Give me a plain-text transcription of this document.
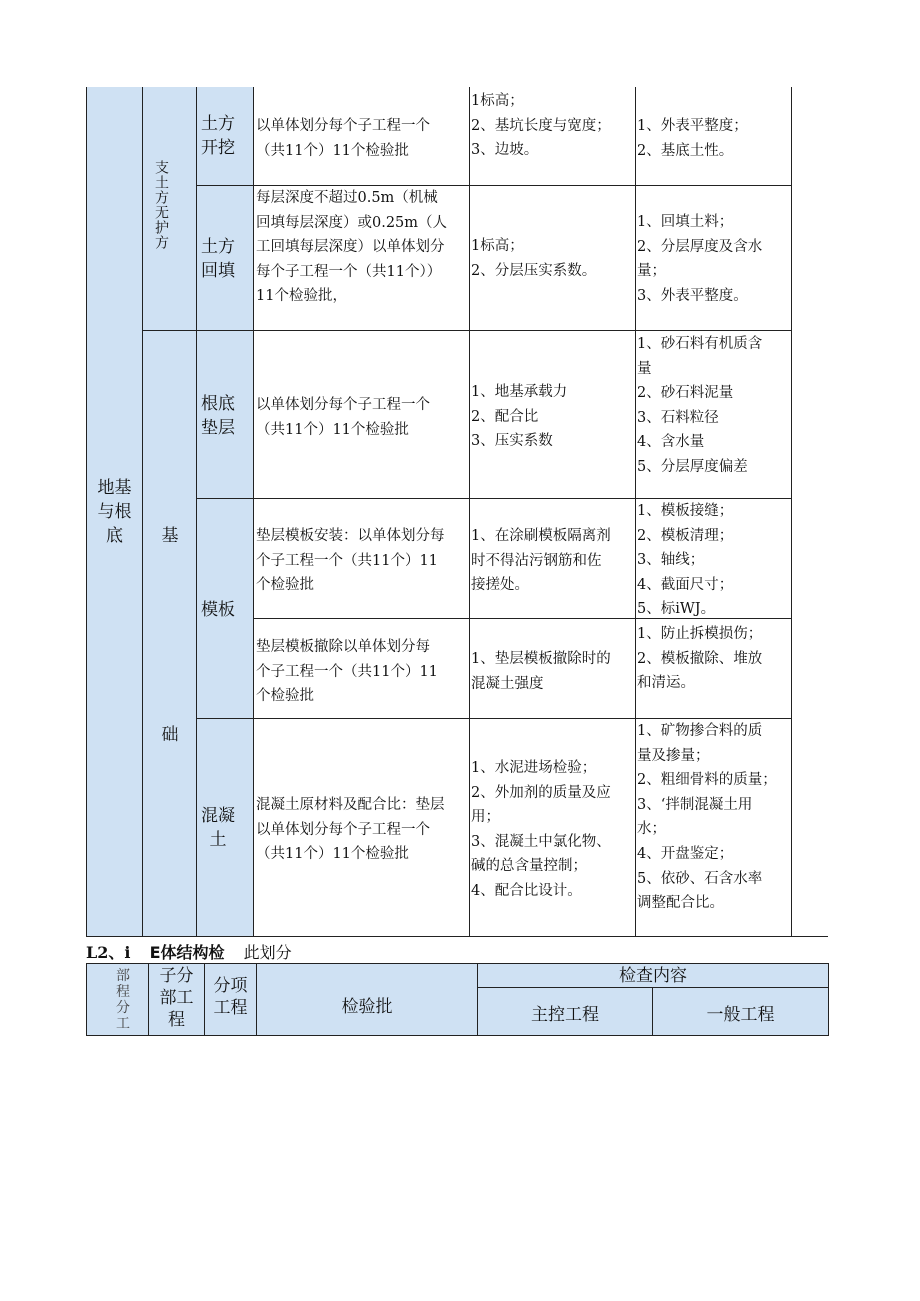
地基
与根
底
支土方无护方
基
础
土方
开挖
以单体划分每个子工程一个
（共11个）11个检验批
1标高；
2、基坑长度与宽度；
3、边坡。
1、外表平整度；
2、基底土性。
土方
回填
每层深度不超过0.5m（机械
回填每层深度）或0.25m（人
工回填每层深度）以单体划分
每个子工程一个（共11个））
11个检验批，
1标高；
2、分层压实系数。
1、回填土料；
2、分层厚度及含水
量；
3、外表平整度。
根底
垫层
以单体划分每个子工程一个
（共11个）11个检验批
1、地基承载力
2、配合比
3、压实系数
1、砂石料有机质含
量
2、砂石料泥量
3、石料粒径
4、含水量
5、分层厚度偏差
模板
垫层模板安装：以单体划分每
个子工程一个（共11个）11
个检验批
1、在涂刷模板隔离剂
时不得沾污钢筋和佐
接搓处。
1、模板接缝；
2、模板清理；
3、轴线；
4、截面尺寸；
5、标iWJ。
垫层模板撤除以单体划分每
个子工程一个（共11个）11
个检验批
1、垫层模板撤除时的
混凝土强度
1、防止拆模损伤；
2、模板撤除、堆放
和清运。
混凝
土
混凝土原材料及配合比：垫层
以单体划分每个子工程一个
（共11个）11个检验批
1、水泥进场检验；
2、外加剂的质量及应
用；
3、混凝土中氯化物、
碱的总含量控制；
4、配合比设计。
1、矿物掺合料的质
量及掺量；
2、粗细骨料的质量；
3、‘拌制混凝土用
水；
4、开盘鉴定；
5、依砂、石含水率
调整配合比。
L2、i E体结构检 此划分
部程分工
子分
部工
程
分项
工程	检验批
检查内容
主控工程	一般工程
